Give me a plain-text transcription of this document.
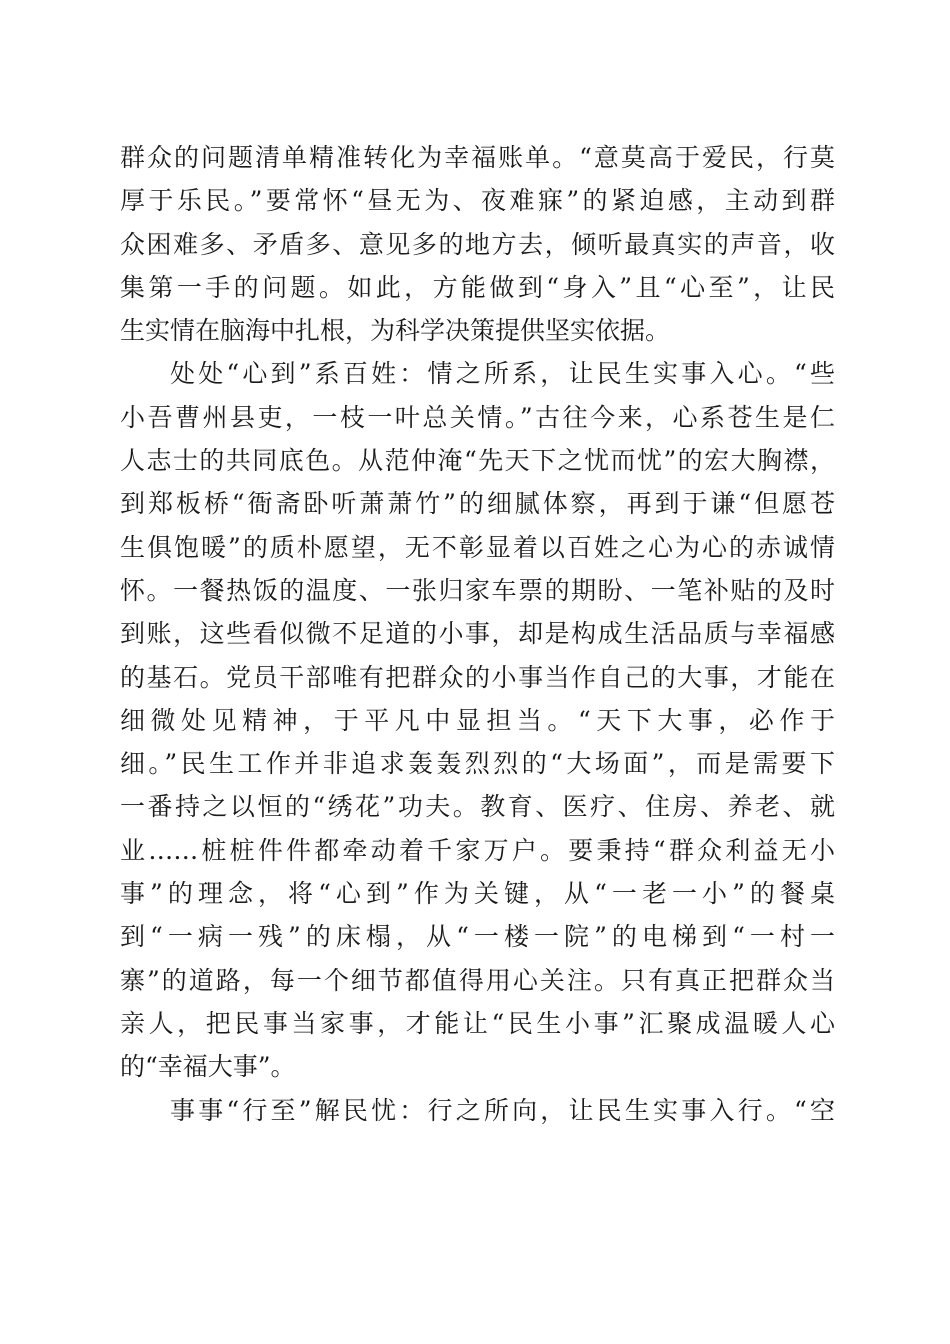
群众的问题清单精准转化为幸福账单。“意莫高于爱民，行莫
厚于乐民。”要常怀“昼无为、夜难寐”的紧迫感，主动到群
众困难多、矛盾多、意见多的地方去，倾听最真实的声音，收
集第一手的问题。如此，方能做到“身入”且“心至”，让民
生实情在脑海中扎根，为科学决策提供坚实依据。
处处“心到”系百姓：情之所系，让民生实事入心。“些
小吾曹州县吏，一枝一叶总关情。”古往今来，心系苍生是仁
人志士的共同底色。从范仲淹“先天下之忧而忧”的宏大胸襟，
到郑板桥“衙斋卧听萧萧竹”的细腻体察，再到于谦“但愿苍
生俱饱暖”的质朴愿望，无不彰显着以百姓之心为心的赤诚情
怀。一餐热饭的温度、一张归家车票的期盼、一笔补贴的及时
到账，这些看似微不足道的小事，却是构成生活品质与幸福感
的基石。党员干部唯有把群众的小事当作自己的大事，才能在
细微处见精神，于平凡中显担当。“天下大事，必作于
细。”民生工作并非追求轰轰烈烈的“大场面”，而是需要下
一番持之以恒的“绣花”功夫。教育、医疗、住房、养老、就
业……桩桩件件都牵动着千家万户。要秉持“群众利益无小
事”的理念，将“心到”作为关键，从“一老一小”的餐桌
到“一病一残”的床榻，从“一楼一院”的电梯到“一村一
寨”的道路，每一个细节都值得用心关注。只有真正把群众当
亲人，把民事当家事，才能让“民生小事”汇聚成温暖人心
的“幸福大事”。
事事“行至”解民忧：行之所向，让民生实事入行。“空
